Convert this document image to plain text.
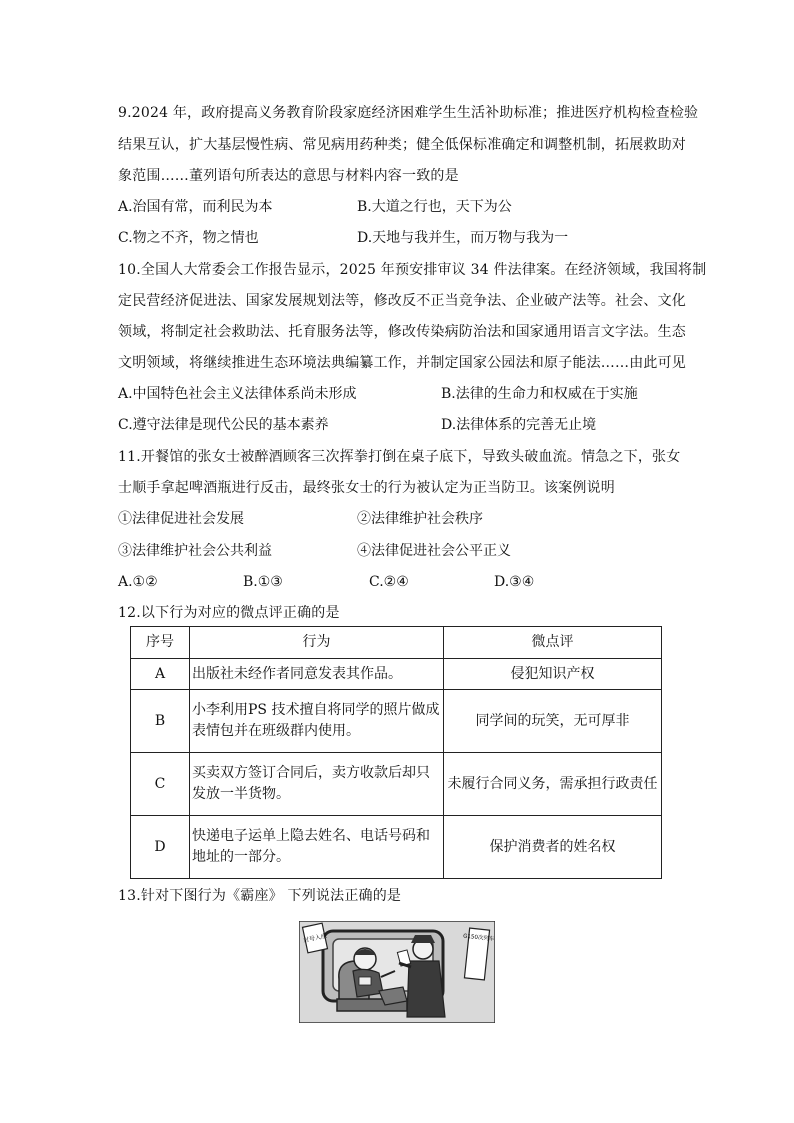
9.2024 年，政府提高义务教育阶段家庭经济困难学生生活补助标准；推进医疗机构检查检验
结果互认，扩大基层慢性病、常见病用药种类；健全低保标准确定和调整机制，拓展救助对
象范围……董列语句所表达的意思与材料内容一致的是
A.治国有常，而利民为本	B.大道之行也，天下为公
C.物之不齐，物之情也	D.天地与我并生，而万物与我为一
10.全国人大常委会工作报告显示，2025 年预安排审议 34 件法律案。在经济领域，我国将制
定民营经济促进法、国家发展规划法等，修改反不正当竞争法、企业破产法等。社会、文化
领域，将制定社会救助法、托育服务法等，修改传染病防治法和国家通用语言文字法。生态
文明领域，将继续推进生态环境法典编纂工作，并制定国家公园法和原子能法……由此可见
A.中国特色社会主义法律体系尚未形成	B.法律的生命力和权威在于实施
C.遵守法律是现代公民的基本素养	D.法律体系的完善无止境
11.开餐馆的张女士被醉酒顾客三次挥拳打倒在桌子底下，导致头破血流。情急之下，张女
士顺手拿起啤酒瓶进行反击，最终张女士的行为被认定为正当防卫。该案例说明
①法律促进社会发展	②法律维护社会秩序
③法律维护社会公共利益	④法律促进社会公平正义
A.①②	B.①③	C.②④	D.③④
12.以下行为对应的微点评正确的是
序号	行为	微点评
A	出版社未经作者同意发表其作品。	侵犯知识产权
B	小李利用PS 技术擅自将同学的照片做成表情包并在班级群内使用。	同学间的玩笑，无可厚非
C	买卖双方签订合同后，卖方收款后却只发放一半货物。	未履行合同义务，需承担行政责任
D	快递电子运单上隐去姓名、电话号码和地址的一部分。	保护消费者的姓名权
13.针对下图行为《霸座》 下列说法正确的是
对号入座	G150次列车
